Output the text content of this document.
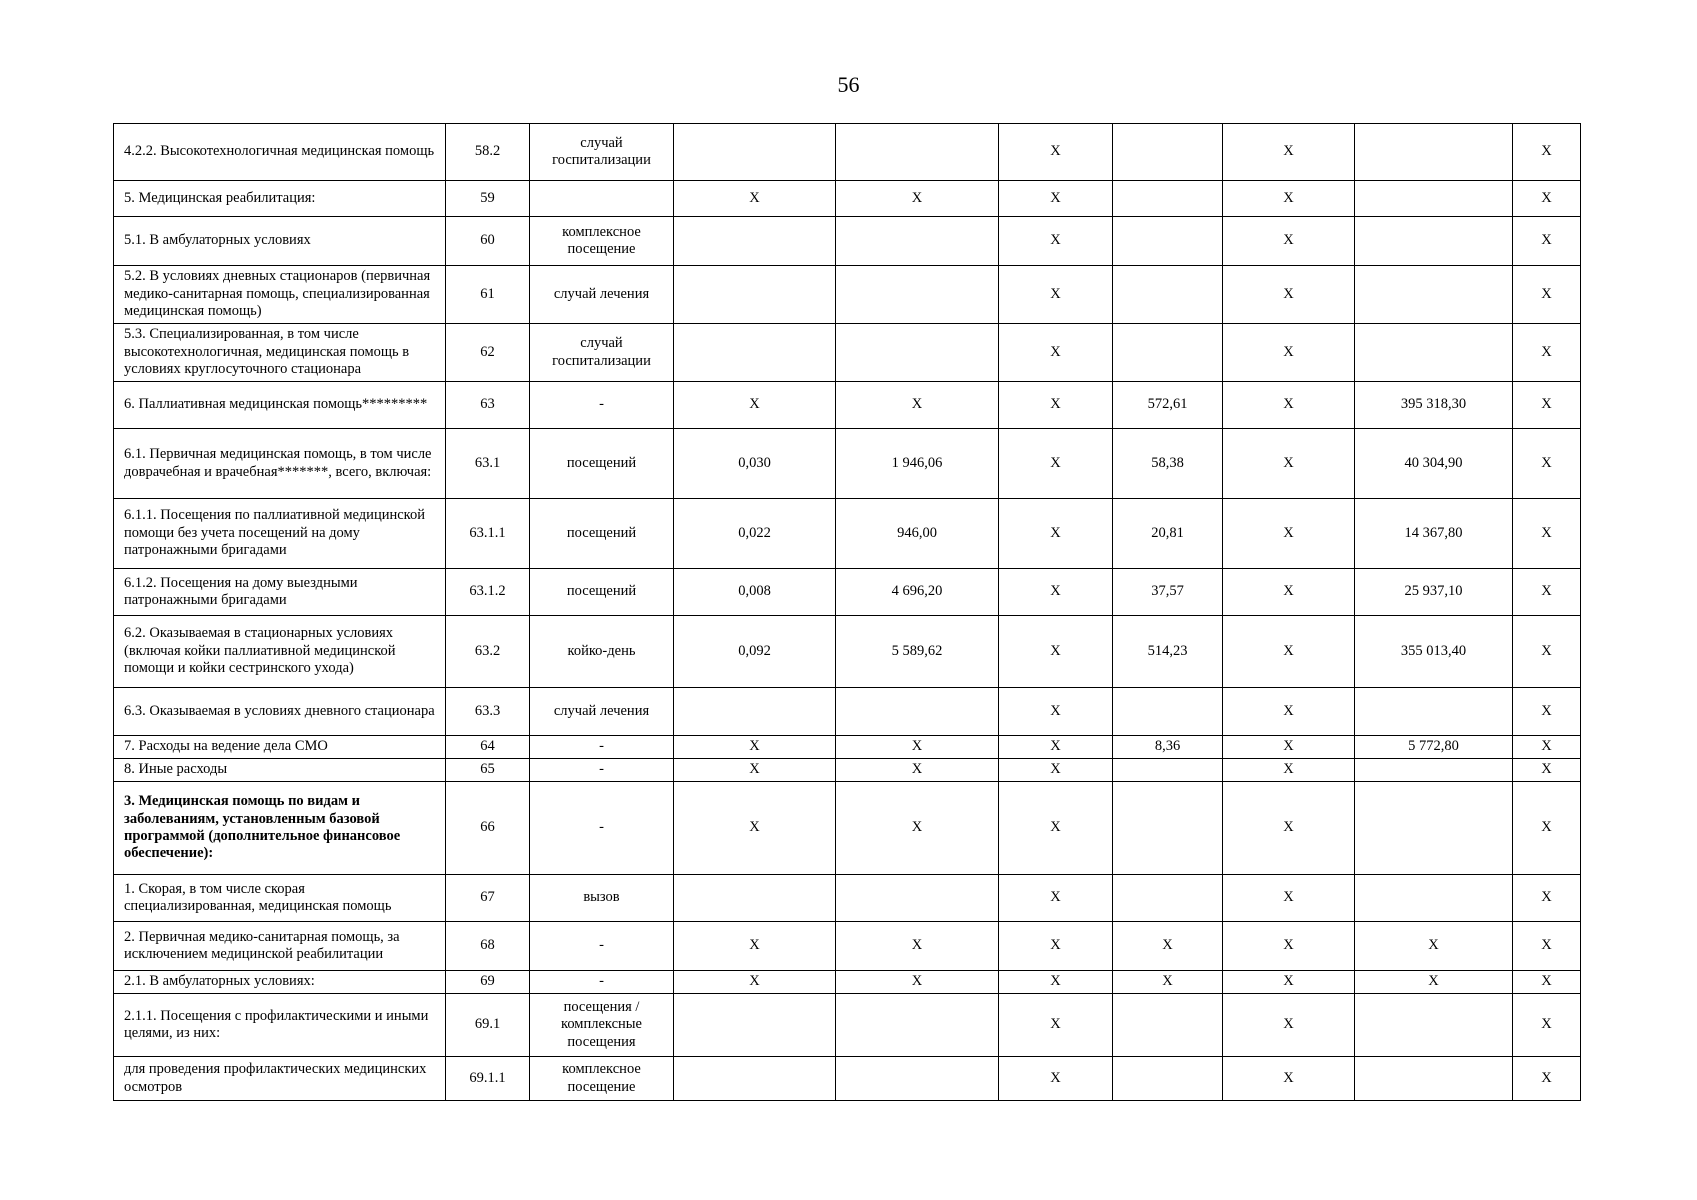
56
4.2.2. Высокотехнологичная медицинская помощь	58.2	случай госпитализации			X		X		X
5. Медицинская реабилитация:	59		X	X	X		X		X
5.1. В амбулаторных условиях	60	комплексное посещение			X		X		X
5.2. В условиях дневных стационаров (первичная медико-санитарная помощь, специализированная медицинская помощь)	61	случай лечения			X		X		X
5.3. Специализированная, в том числе высокотехнологичная, медицинская помощь в условиях круглосуточного стационара	62	случай госпитализации			X		X		X
6. Паллиативная медицинская помощь*********	63	-	X	X	X	572,61	X	395 318,30	X
6.1. Первичная медицинская помощь, в том числе доврачебная и врачебная*******, всего, включая:	63.1	посещений	0,030	1 946,06	X	58,38	X	40 304,90	X
6.1.1. Посещения по паллиативной медицинской помощи без учета посещений на дому патронажными бригадами	63.1.1	посещений	0,022	946,00	X	20,81	X	14 367,80	X
6.1.2. Посещения на дому выездными патронажными бригадами	63.1.2	посещений	0,008	4 696,20	X	37,57	X	25 937,10	X
6.2. Оказываемая в стационарных условиях (включая койки паллиативной медицинской помощи и койки сестринского ухода)	63.2	койко-день	0,092	5 589,62	X	514,23	X	355 013,40	X
6.3. Оказываемая в условиях дневного стационара	63.3	случай лечения			X		X		X
7. Расходы на ведение дела СМО	64	-	X	X	X	8,36	X	5 772,80	X
8. Иные расходы	65	-	X	X	X		X		X
3. Медицинская помощь по видам и заболеваниям, установленным базовой программой (дополнительное финансовое обеспечение):	66	-	X	X	X		X		X
1. Скорая, в том числе скорая специализированная, медицинская помощь	67	вызов			X		X		X
2. Первичная медико-санитарная помощь, за исключением медицинской реабилитации	68	-	X	X	X	X	X	X	X
2.1. В амбулаторных условиях:	69	-	X	X	X	X	X	X	X
2.1.1. Посещения с профилактическими и иными целями, из них:	69.1	посещения / комплексные посещения			X		X		X
для проведения профилактических медицинских осмотров	69.1.1	комплексное посещение			X		X		X
